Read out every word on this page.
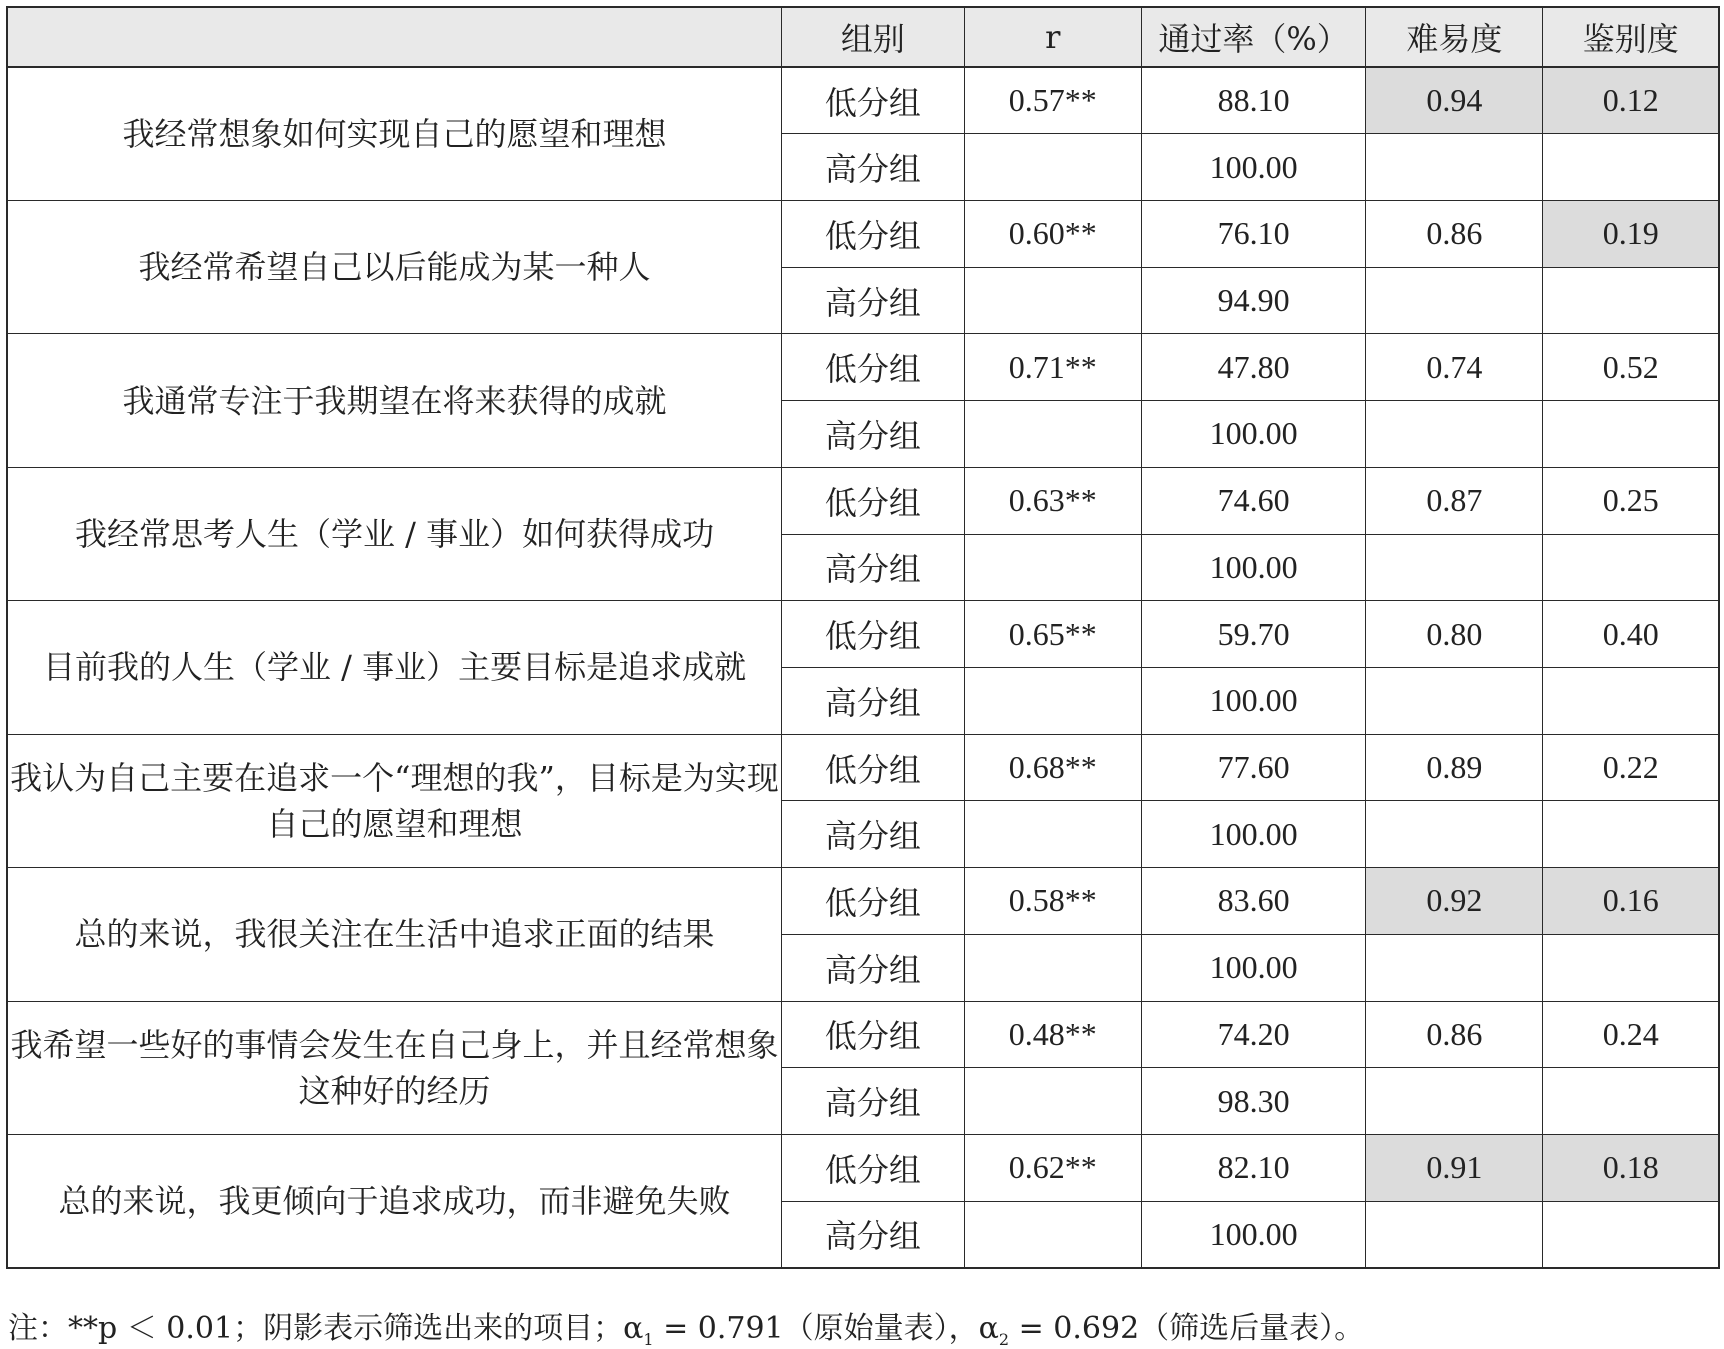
	组别	r	通过率（%）	难易度	鉴别度
我经常想象如何实现自己的愿望和理想	低分组	0.57**	88.10	0.94	0.12
	高分组		100.00		
我经常希望自己以后能成为某一种人	低分组	0.60**	76.10	0.86	0.19
	高分组		94.90		
我通常专注于我期望在将来获得的成就	低分组	0.71**	47.80	0.74	0.52
	高分组		100.00		
我经常思考人生（学业 / 事业）如何获得成功	低分组	0.63**	74.60	0.87	0.25
	高分组		100.00		
目前我的人生（学业 / 事业）主要目标是追求成就	低分组	0.65**	59.70	0.80	0.40
	高分组		100.00		
我认为自己主要在追求一个“理想的我”，目标是为实现自己的愿望和理想	低分组	0.68**	77.60	0.89	0.22
	高分组		100.00		
总的来说，我很关注在生活中追求正面的结果	低分组	0.58**	83.60	0.92	0.16
	高分组		100.00		
我希望一些好的事情会发生在自己身上，并且经常想象这种好的经历	低分组	0.48**	74.20	0.86	0.24
	高分组		98.30		
总的来说，我更倾向于追求成功，而非避免失败	低分组	0.62**	82.10	0.91	0.18
	高分组		100.00		
注：**p ＜ 0.01；阴影表示筛选出来的项目；$\alpha_1 = 0.791$（原始量表），$\alpha_2 = 0.692$（筛选后量表）。
